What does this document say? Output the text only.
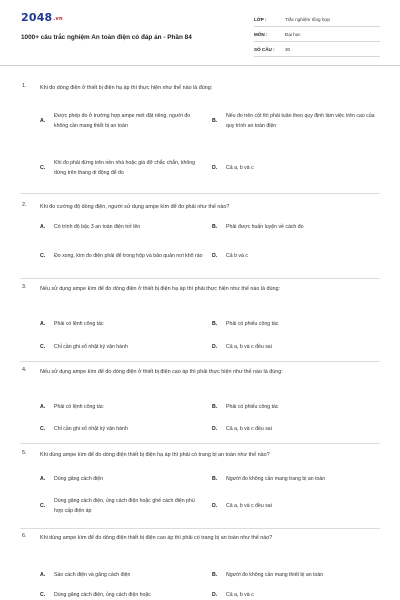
2048.vn
1000+ câu trắc nghiệm An toàn điện có đáp án - Phần 84
LỚP :	Trắc nghiệm tổng hợp
MÔN :	Đại học
SỐ CÂU :	30
1.	Khi đo dòng điện ở thiết bị điện hạ áp thì thực hiện như thế nào là đúng:
A.
Được phép đo ở trường hợp ampe mét đặt riêng, người đo không cần mang thiết bị an toàn
B.
Nếu đo trên cột thì phải tuân theo quy định làm việc trên cao của quy trình an toàn điện
C.
Khi đo phải đứng trên nền nhà hoặc giá đỡ chắc chắn, không đứng trên thang di động để đo
D.	Cả a, b và c
2.	Khi đo cường độ dòng điện, người sử dụng ampe kìm để đo phải như thế nào?
A.	Có trình độ bậc 3 an toàn điện trở lên	B.	Phải được huấn luyện về cách đo
C.	Đo xong, kìm đo điện phải để trong hộp và bảo quản nơi khô ráo D.	Cả b và c
3.	Nếu sử dụng ampe kìm để đo dòng điện ở thiết bị điện hạ áp thì phải thực hiện như thế nào là đúng:
A.	Phải có lệnh công tác	B.	Phải có phiếu công tác
C.	Chỉ cần ghi sổ nhật ký vận hành	D.	Cả a, b và c đều sai
4.	Nếu sử dụng ampe kìm để đo dòng điện ở thiết bị điện cao áp thì phải thực hiện như thế nào là đúng:
A.	Phải có lệnh công tác	B.	Phải có phiếu công tác
C.	Chỉ cần ghi sổ nhật ký vận hành	D.	Cả a, b và c đều sai
5.	Khi dùng ampe kìm để đo dòng điện thiết bị điện hạ áp thì phải có trang bị an toàn như thế nào?
A.	Dùng găng cách điện	B.	Người đo không cần mang trang bị an toàn
C.
Dùng găng cách điện, ủng cách điện hoặc ghế cách điện phù hợp cấp điện áp
D.	Cả a, b và c đều sai
6.	Khi dùng ampe kìm để đo dòng điện thiết bị điện cao áp thì phải có trang bị an toàn như thế nào?
A.	Sào cách điện và găng cách điện	B.	Người đo không cần mang thiết bị an toàn
C.	Dùng găng cách điện, ủng cách điện hoặc	D.	Cả a, b và c
